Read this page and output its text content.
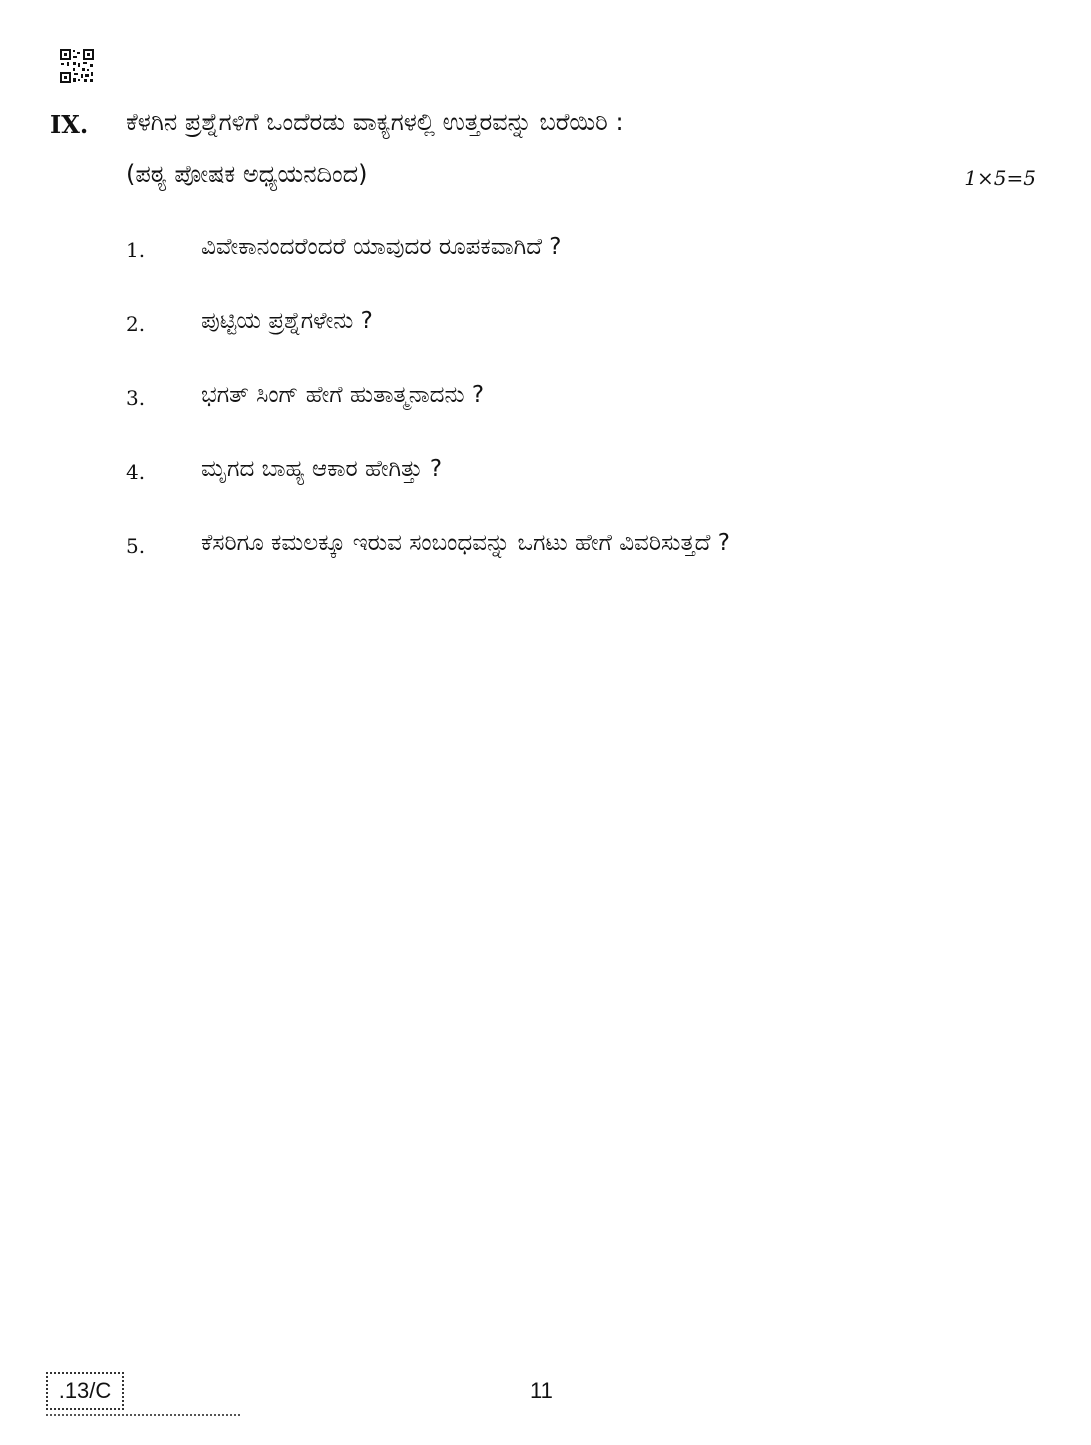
IX. ಕೆಳಗಿನ ಪ್ರಶ್ನೆಗಳಿಗೆ ಒಂದೆರಡು ವಾಕ್ಯಗಳಲ್ಲಿ ಉತ್ತರವನ್ನು ಬರೆಯಿರಿ :
(ಪಠ್ಯ ಪೋಷಕ ಅಧ್ಯಯನದಿಂದ)	1×5=5
1. ವಿವೇಕಾನಂದರೆಂದರೆ ಯಾವುದರ ರೂಪಕವಾಗಿದೆ ?
2. ಪುಟ್ಟಿಯ ಪ್ರಶ್ನೆಗಳೇನು ?
3. ಭಗತ್ ಸಿಂಗ್ ಹೇಗೆ ಹುತಾತ್ಮನಾದನು ?
4. ಮೃಗದ ಬಾಹ್ಯ ಆಕಾರ ಹೇಗಿತ್ತು ?
5. ಕೆಸರಿಗೂ ಕಮಲಕ್ಕೂ ಇರುವ ಸಂಬಂಧವನ್ನು ಒಗಟು ಹೇಗೆ ವಿವರಿಸುತ್ತದೆ ?
.13/C	11
